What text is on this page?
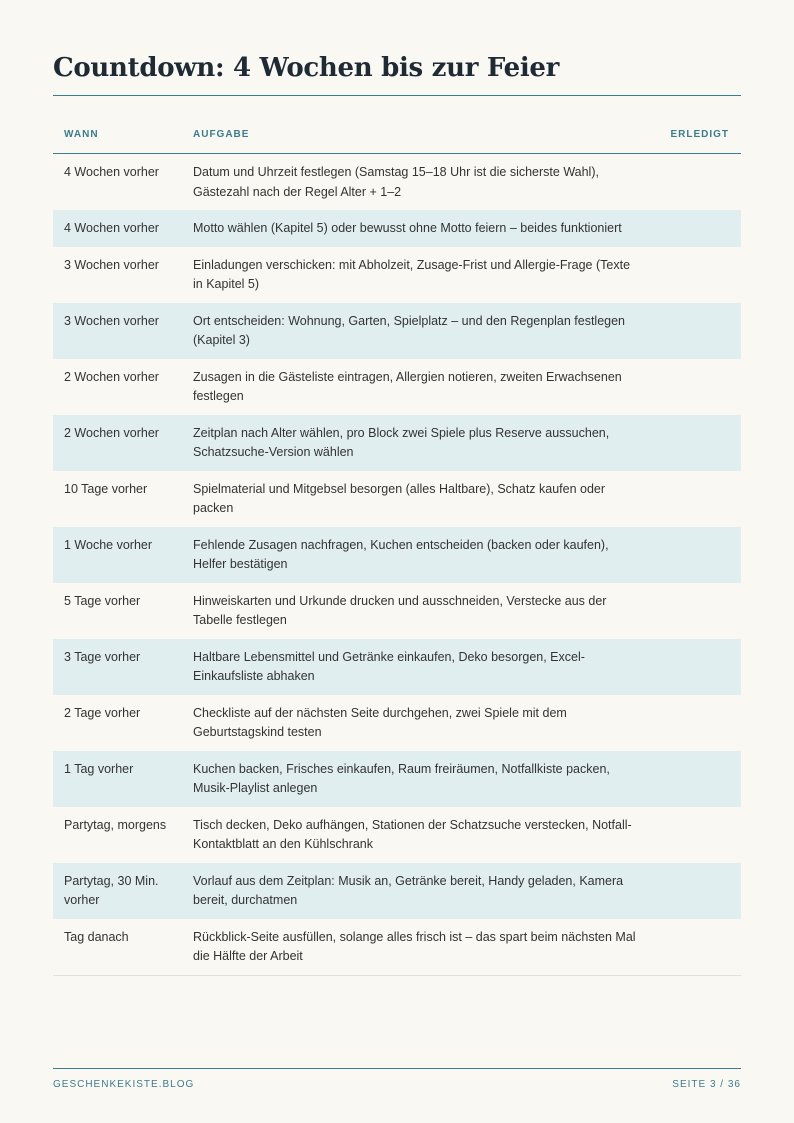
Countdown: 4 Wochen bis zur Feier
WANN	AUFGABE	ERLEDIGT
4 Wochen vorher	Datum und Uhrzeit festlegen (Samstag 15–18 Uhr ist die sicherste Wahl), Gästezahl nach der Regel Alter + 1–2	
4 Wochen vorher	Motto wählen (Kapitel 5) oder bewusst ohne Motto feiern – beides funktioniert	
3 Wochen vorher	Einladungen verschicken: mit Abholzeit, Zusage-Frist und Allergie-Frage (Texte in Kapitel 5)	
3 Wochen vorher	Ort entscheiden: Wohnung, Garten, Spielplatz – und den Regenplan festlegen (Kapitel 3)	
2 Wochen vorher	Zusagen in die Gästeliste eintragen, Allergien notieren, zweiten Erwachsenen festlegen	
2 Wochen vorher	Zeitplan nach Alter wählen, pro Block zwei Spiele plus Reserve aussuchen, Schatzsuche-Version wählen	
10 Tage vorher	Spielmaterial und Mitgebsel besorgen (alles Haltbare), Schatz kaufen oder packen	
1 Woche vorher	Fehlende Zusagen nachfragen, Kuchen entscheiden (backen oder kaufen), Helfer bestätigen	
5 Tage vorher	Hinweiskarten und Urkunde drucken und ausschneiden, Verstecke aus der Tabelle festlegen	
3 Tage vorher	Haltbare Lebensmittel und Getränke einkaufen, Deko besorgen, Excel-Einkaufsliste abhaken	
2 Tage vorher	Checkliste auf der nächsten Seite durchgehen, zwei Spiele mit dem Geburtstagskind testen	
1 Tag vorher	Kuchen backen, Frisches einkaufen, Raum freiräumen, Notfallkiste packen, Musik-Playlist anlegen	
Partytag, morgens	Tisch decken, Deko aufhängen, Stationen der Schatzsuche verstecken, Notfall-Kontaktblatt an den Kühlschrank	
Partytag, 30 Min. vorher	Vorlauf aus dem Zeitplan: Musik an, Getränke bereit, Handy geladen, Kamera bereit, durchatmen	
Tag danach	Rückblick-Seite ausfüllen, solange alles frisch ist – das spart beim nächsten Mal die Hälfte der Arbeit	
GESCHENKEKISTE.BLOG	SEITE 3 / 36
